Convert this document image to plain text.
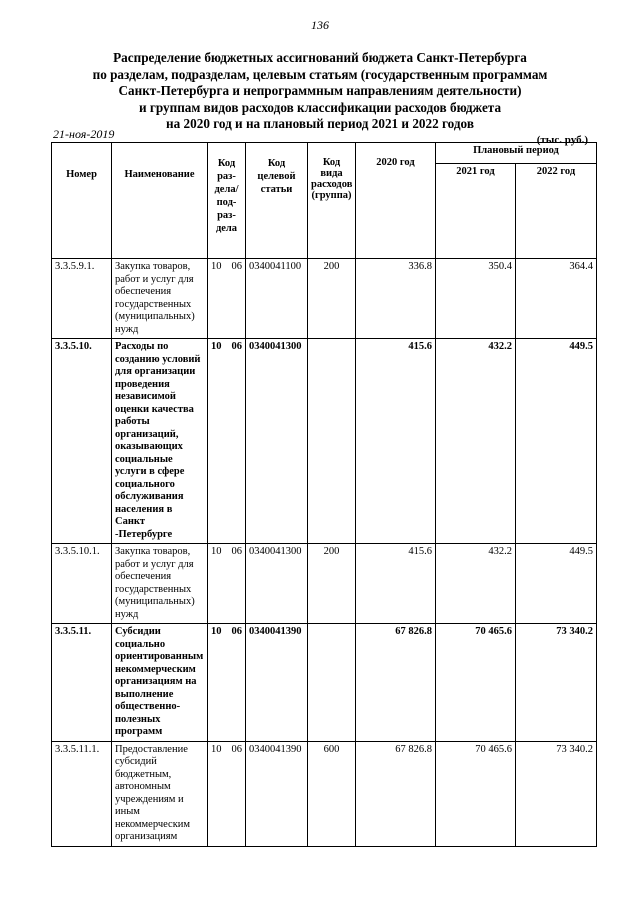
136
Распределение бюджетных ассигнований бюджета Санкт-Петербурга
по разделам, подразделам, целевым статьям (государственным программам
Санкт-Петербурга и непрограммным направлениям деятельности)
и группам видов расходов классификации расходов бюджета
на 2020 год и на плановый период 2021 и 2022 годов
21-ноя-2019	(тыс. руб.)
Номер	Наименование	Код раз- дела/ под- раз- дела	Код целевой статьи	Код вида расходов (группа)	2020 год	Плановый период	
						2021 год	2022 год
3.3.5.9.1.	Закупка товаров, работ и услуг для обеспечения государственных (муниципальных) нужд	10 06	0340041100	200	336.8	350.4	364.4
3.3.5.10.	Расходы по созданию условий для организации проведения независимой оценки качества работы организаций, оказывающих социальные услуги в сфере социального обслуживания населения в Санкт -Петербурге	10 06	0340041300		415.6	432.2	449.5
3.3.5.10.1.	Закупка товаров, работ и услуг для обеспечения государственных (муниципальных) нужд	10 06	0340041300	200	415.6	432.2	449.5
3.3.5.11.	Субсидии социально ориентированным некоммерческим организациям на выполнение общественно-полезных программ	10 06	0340041390		67 826.8	70 465.6	73 340.2
3.3.5.11.1.	Предоставление субсидий бюджетным, автономным учреждениям и иным некоммерческим организациям	10 06	0340041390	600	67 826.8	70 465.6	73 340.2
